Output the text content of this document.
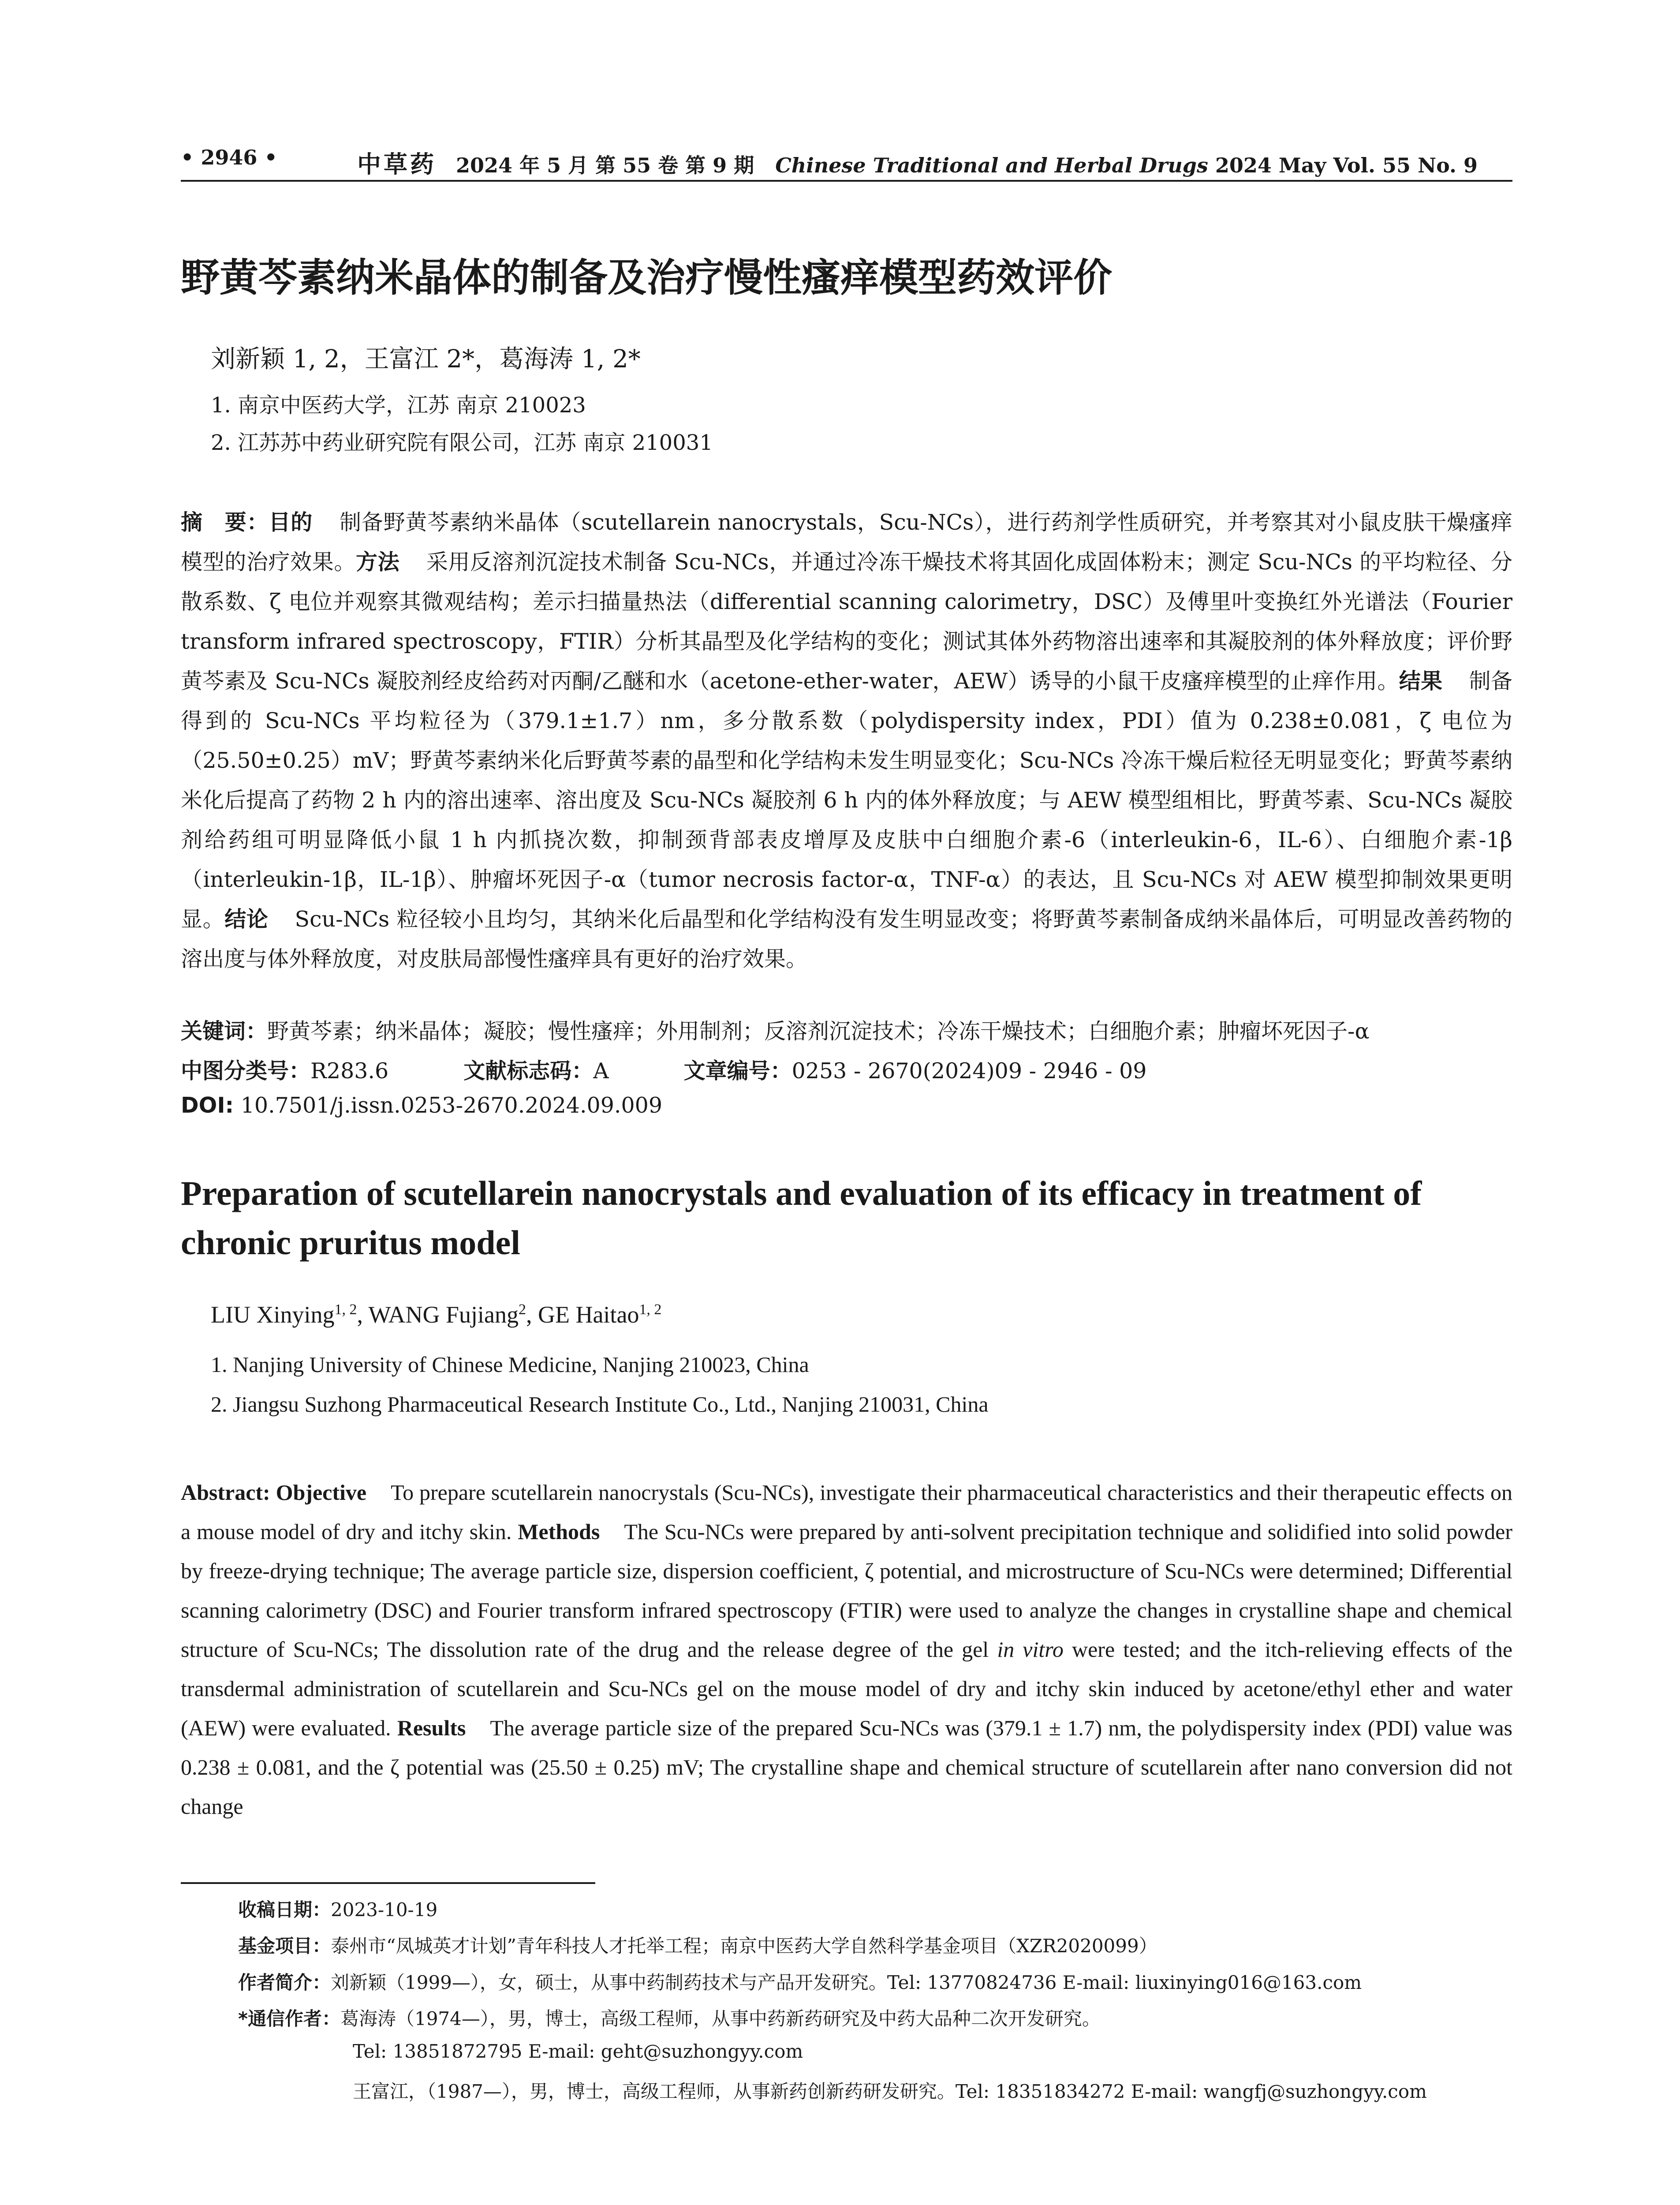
• 2946 •	中草药 2024 年 5 月 第 55 卷 第 9 期 Chinese Traditional and Herbal Drugs 2024 May Vol. 55 No. 9
野黄芩素纳米晶体的制备及治疗慢性瘙痒模型药效评价
刘新颖 1, 2，王富江 2*，葛海涛 1, 2*
1. 南京中医药大学，江苏 南京 210023
2. 江苏苏中药业研究院有限公司，江苏 南京 210031
摘　要：目的 制备野黄芩素纳米晶体（scutellarein nanocrystals，Scu-NCs），进行药剂学性质研究，并考察其对小鼠皮肤干燥瘙痒模型的治疗效果。方法 采用反溶剂沉淀技术制备 Scu-NCs，并通过冷冻干燥技术将其固化成固体粉末；测定 Scu-NCs 的平均粒径、分散系数、ζ 电位并观察其微观结构；差示扫描量热法（differential scanning calorimetry，DSC）及傅里叶变换红外光谱法（Fourier transform infrared spectroscopy，FTIR）分析其晶型及化学结构的变化；测试其体外药物溶出速率和其凝胶剂的体外释放度；评价野黄芩素及 Scu-NCs 凝胶剂经皮给药对丙酮/乙醚和水（acetone-ether-water，AEW）诱导的小鼠干皮瘙痒模型的止痒作用。结果 制备得到的 Scu-NCs 平均粒径为（379.1±1.7）nm，多分散系数（polydispersity index，PDI）值为 0.238±0.081，ζ 电位为（25.50±0.25）mV；野黄芩素纳米化后野黄芩素的晶型和化学结构未发生明显变化；Scu-NCs 冷冻干燥后粒径无明显变化；野黄芩素纳米化后提高了药物 2 h 内的溶出速率、溶出度及 Scu-NCs 凝胶剂 6 h 内的体外释放度；与 AEW 模型组相比，野黄芩素、Scu-NCs 凝胶剂给药组可明显降低小鼠 1 h 内抓挠次数，抑制颈背部表皮增厚及皮肤中白细胞介素-6（interleukin-6，IL-6）、白细胞介素-1β（interleukin-1β，IL-1β）、肿瘤坏死因子-α（tumor necrosis factor-α，TNF-α）的表达，且 Scu-NCs 对 AEW 模型抑制效果更明显。结论 Scu-NCs 粒径较小且均匀，其纳米化后晶型和化学结构没有发生明显改变；将野黄芩素制备成纳米晶体后，可明显改善药物的溶出度与体外释放度，对皮肤局部慢性瘙痒具有更好的治疗效果。
关键词：野黄芩素；纳米晶体；凝胶；慢性瘙痒；外用制剂；反溶剂沉淀技术；冷冻干燥技术；白细胞介素；肿瘤坏死因子-α
中图分类号：R283.6	文献标志码：A	文章编号：0253 - 2670(2024)09 - 2946 - 09
DOI: 10.7501/j.issn.0253-2670.2024.09.009
Preparation of scutellarein nanocrystals and evaluation of its efficacy in treatment of chronic pruritus model
LIU Xinying$^{1, 2}$, WANG Fujiang$^2$, GE Haitao$^{1, 2}$
1. Nanjing University of Chinese Medicine, Nanjing 210023, China
2. Jiangsu Suzhong Pharmaceutical Research Institute Co., Ltd., Nanjing 210031, China
Abstract: Objective To prepare scutellarein nanocrystals (Scu-NCs), investigate their pharmaceutical characteristics and their therapeutic effects on a mouse model of dry and itchy skin. Methods The Scu-NCs were prepared by anti-solvent precipitation technique and solidified into solid powder by freeze-drying technique; The average particle size, dispersion coefficient, ζ potential, and microstructure of Scu-NCs were determined; Differential scanning calorimetry (DSC) and Fourier transform infrared spectroscopy (FTIR) were used to analyze the changes in crystalline shape and chemical structure of Scu-NCs; The dissolution rate of the drug and the release degree of the gel in vitro were tested; and the itch-relieving effects of the transdermal administration of scutellarein and Scu-NCs gel on the mouse model of dry and itchy skin induced by acetone/ethyl ether and water (AEW) were evaluated. Results The average particle size of the prepared Scu-NCs was (379.1 ± 1.7) nm, the polydispersity index (PDI) value was 0.238 ± 0.081, and the ζ potential was (25.50 ± 0.25) mV; The crystalline shape and chemical structure of scutellarein after nano conversion did not change
收稿日期：2023-10-19
基金项目：泰州市“凤城英才计划”青年科技人才托举工程；南京中医药大学自然科学基金项目（XZR2020099）
作者简介：刘新颖（1999—），女，硕士，从事中药制药技术与产品开发研究。Tel: 13770824736 E-mail: liuxinying016@163.com
*通信作者：葛海涛（1974—），男，博士，高级工程师，从事中药新药研究及中药大品种二次开发研究。
Tel: 13851872795 E-mail: geht@suzhongyy.com
王富江，（1987—），男，博士，高级工程师，从事新药创新药研发研究。Tel: 18351834272 E-mail: wangfj@suzhongyy.com
